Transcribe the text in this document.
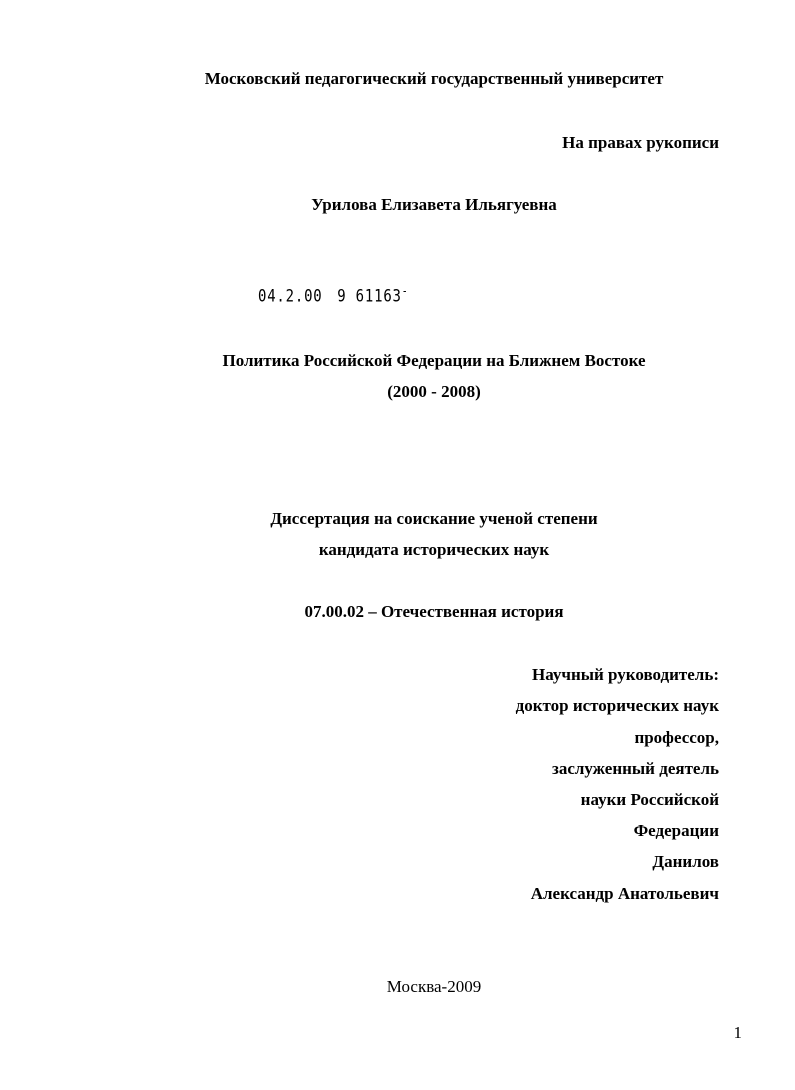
Московский педагогический государственный университет
На правах рукописи
Урилова Елизавета Ильягуевна
04.2.00 9 61163-
Политика Российской Федерации на Ближнем Востоке
(2000 - 2008)
Диссертация на соискание ученой степени
кандидата исторических наук
07.00.02 – Отечественная история
Научный руководитель:
доктор исторических наук
профессор,
заслуженный деятель
науки Российской
Федерации
Данилов
Александр Анатольевич
Москва-2009
1
